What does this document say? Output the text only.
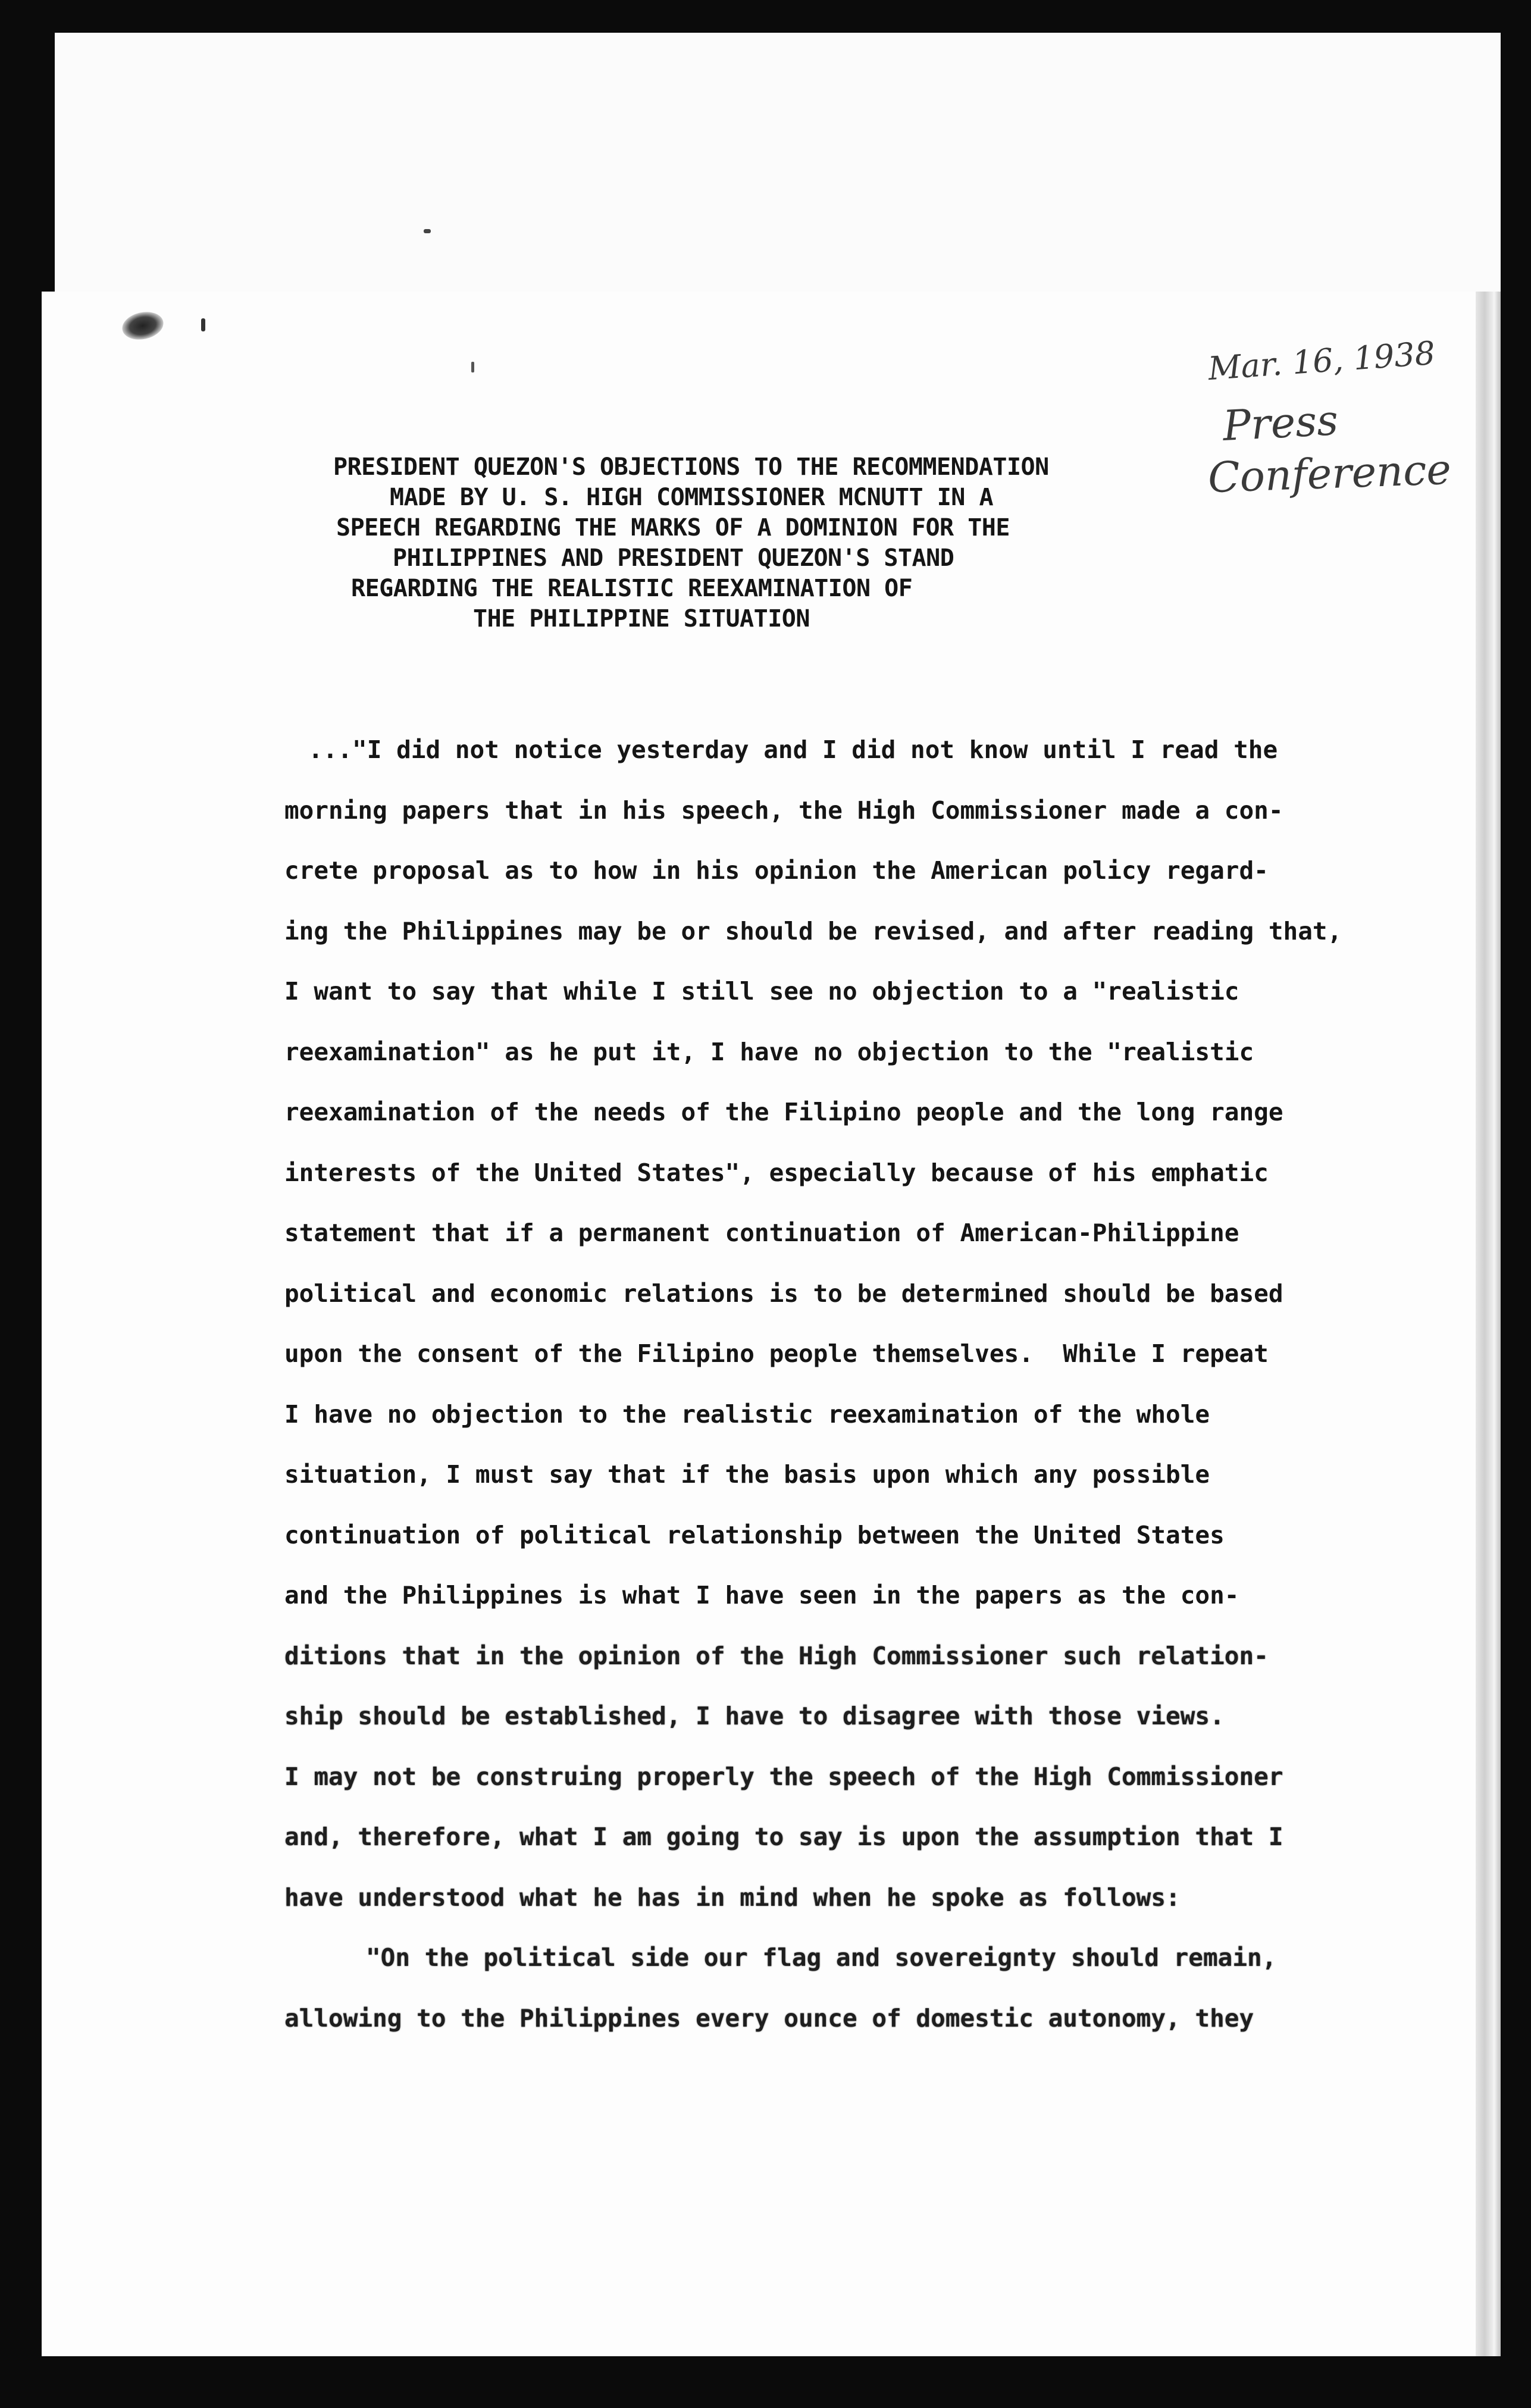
Mar. 16, 1938
Press
Conference
PRESIDENT QUEZON'S OBJECTIONS TO THE RECOMMENDATION
MADE BY U. S. HIGH COMMISSIONER MCNUTT IN A
SPEECH REGARDING THE MARKS OF A DOMINION FOR THE
PHILIPPINES AND PRESIDENT QUEZON'S STAND
REGARDING THE REALISTIC REEXAMINATION OF
THE PHILIPPINE SITUATION
..."I did not notice yesterday and I did not know until I read the
morning papers that in his speech, the High Commissioner made a con-
crete proposal as to how in his opinion the American policy regard-
ing the Philippines may be or should be revised, and after reading that,
I want to say that while I still see no objection to a "realistic
reexamination" as he put it, I have no objection to the "realistic
reexamination of the needs of the Filipino people and the long range
interests of the United States", especially because of his emphatic
statement that if a permanent continuation of American-Philippine
political and economic relations is to be determined should be based
upon the consent of the Filipino people themselves.  While I repeat
I have no objection to the realistic reexamination of the whole
situation, I must say that if the basis upon which any possible
continuation of political relationship between the United States
and the Philippines is what I have seen in the papers as the con-
ditions that in the opinion of the High Commissioner such relation-
ship should be established, I have to disagree with those views.
I may not be construing properly the speech of the High Commissioner
and, therefore, what I am going to say is upon the assumption that I
have understood what he has in mind when he spoke as follows:
"On the political side our flag and sovereignty should remain,
allowing to the Philippines every ounce of domestic autonomy, they
